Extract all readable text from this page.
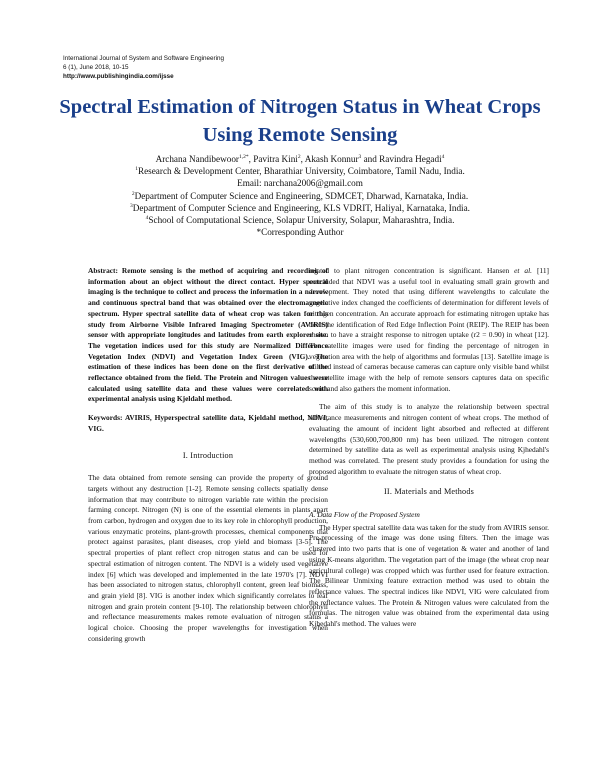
International Journal of System and Software Engineering
6 (1), June 2018, 10-15
http://www.publishingindia.com/ijsse
Spectral Estimation of Nitrogen Status in Wheat Crops Using Remote Sensing
Archana Nandibewoor$^{1,2*}$, Pavitra Kini$^2$, Akash Konnur$^3$ and Ravindra Hegadi$^4$
$^1$Research & Development Center, Bharathiar University, Coimbatore, Tamil Nadu, India.
Email: narchana2006@gmail.com
$^2$Department of Computer Science and Engineering, SDMCET, Dharwad, Karnataka, India.
$^3$Department of Computer Science and Engineering, KLS VDRIT, Haliyal, Karnataka, India.
$^4$School of Computational Science, Solapur University, Solapur, Maharashtra, India.
*Corresponding Author

Abstract: Remote sensing is the method of acquiring and recording of information about an object without the direct contact. Hyper spectral imaging is the technique to collect and process the information in a narrow and continuous spectral band that was obtained over the electromagnetic spectrum. Hyper spectral satellite data of wheat crop was taken for this study from Airborne Visible Infrared Imaging Spectrometer (AVIRIS) sensor with appropriate longitudes and latitudes from earth explorer site. The vegetation indices used for this study are Normalized Difference Vegetation Index (NDVI) and Vegetation Index Green (VIG). The estimation of these indices has been done on the first derivative of the reflectance obtained from the field. The Protein and Nitrogen values were calculated using satellite data and these values were correlated with experimental analysis using Kjeldahl method.

Keywords: AVIRIS, Hyperspectral satellite data, Kjeldahl method, NDVI, VIG.

I. Introduction

The data obtained from remote sensing can provide the property of ground targets without any destruction [1-2]. Remote sensing collects spatially dense information that may contribute to nitrogen variable rate within the precision farming concept. Nitrogen (N) is one of the essential elements in plants apart from carbon, hydrogen and oxygen due to its key role in chlorophyll production, various enzymatic proteins, plant-growth processes, chemical components that protect against parasites, plant diseases, crop yield and biomass [3-5]. The spectral properties of plant reflect crop nitrogen status and can be used for spectral estimation of nitrogen content. The NDVI is a widely used vegetative index [6] which was developed and implemented in the late 1970's [7]. NDVI has been associated to nitrogen status, chlorophyll content, green leaf biomass, and grain yield [8]. VIG is another index which significantly correlates to leaf nitrogen and grain protein content [9-10]. The relationship between chlorophyll and reflectance measurements makes remote evaluation of nitrogen status a logical choice. Choosing the proper wavelengths for investigation when considering growth

related to plant nitrogen concentration is significant. Hansen et al. [11] concluded that NDVI was a useful tool in evaluating small grain growth and development. They noted that using different wavelengths to calculate the vegetative index changed the coefficients of determination for different levels of nitrogen concentration. An accurate approach for estimating nitrogen uptake has been the identification of Red Edge Inflection Point (REIP). The REIP has been shown to have a straight response to nitrogen uptake (r2 = 0.90) in wheat [12]. The satellite images were used for finding the percentage of nitrogen in vegetation area with the help of algorithms and formulas [13]. Satellite image is utilized instead of cameras because cameras can capture only visible band whilst the satellite image with the help of remote sensors captures data on specific scene and also gathers the moment information.

The aim of this study is to analyze the relationship between spectral reflectance measurements and nitrogen content of wheat crops. The method of evaluating the amount of incident light absorbed and reflected at different wavelengths (530,600,700,800 nm) has been utilized. The nitrogen content determined by satellite data as well as experimental analysis using Kjhedahl's method was correlated. The present study provides a foundation for using the proposed algorithm to evaluate the nitrogen status of wheat crop.

II. Materials and Methods
A. Data Flow of the Proposed System

The Hyper spectral satellite data was taken for the study from AVIRIS sensor. Pre-processing of the image was done using filters. Then the image was clustered into two parts that is one of vegetation & water and another of land using K-means algorithm. The vegetation part of the image (the wheat crop near agricultural college) was cropped which was further used for feature extraction. The Bilinear Unmixing feature extraction method was used to obtain the reflectance values. The spectral indices like NDVI, VIG were calculated from the reflectance values. The Protein & Nitrogen values were calculated from the formulas. The nitrogen value was obtained from the experimental data using Kjhedahl's method. The values were
